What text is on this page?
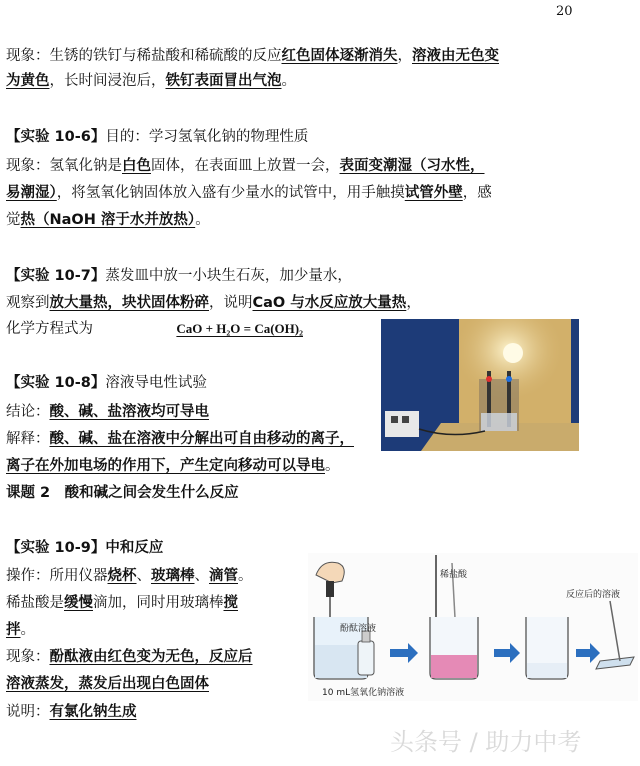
20
现象：生锈的铁钉与稀盐酸和稀硫酸的反应红色固体逐渐消失，溶液由无色变
为黄色，长时间浸泡后，铁钉表面冒出气泡。
【实验 10-6】目的：学习氢氧化钠的物理性质
现象：氢氧化钠是白色固体，在表面皿上放置一会，表面变潮湿（习水性，
易潮湿），将氢氧化钠固体放入盛有少量水的试管中，用手触摸试管外壁，感
觉热（NaOH 溶于水并放热）。
【实验 10-7】蒸发皿中放一小块生石灰，加少量水，
观察到放大量热，块状固体粉碎，说明CaO 与水反应放大量热，
化学方程式为	CaO + H₂O = Ca(OH)₂
【实验 10-8】溶液导电性试验
结论：酸、碱、盐溶液均可导电
解释：酸、碱、盐在溶液中分解出可自由移动的离子，
离子在外加电场的作用下，产生定向移动可以导电。
课题 2　酸和碱之间会发生什么反应
【实验 10-9】中和反应
操作：所用仪器烧杯、玻璃棒、滴管。
稀盐酸是缓慢滴加，同时用玻璃棒搅
拌。
现象：酚酞液由红色变为无色，反应后
溶液蒸发，蒸发后出现白色固体
说明：有氯化钠生成
酚酞溶液
10 mL氢氧化钠溶液
稀盐酸
反应后的溶液
头条号 / 助力中考
